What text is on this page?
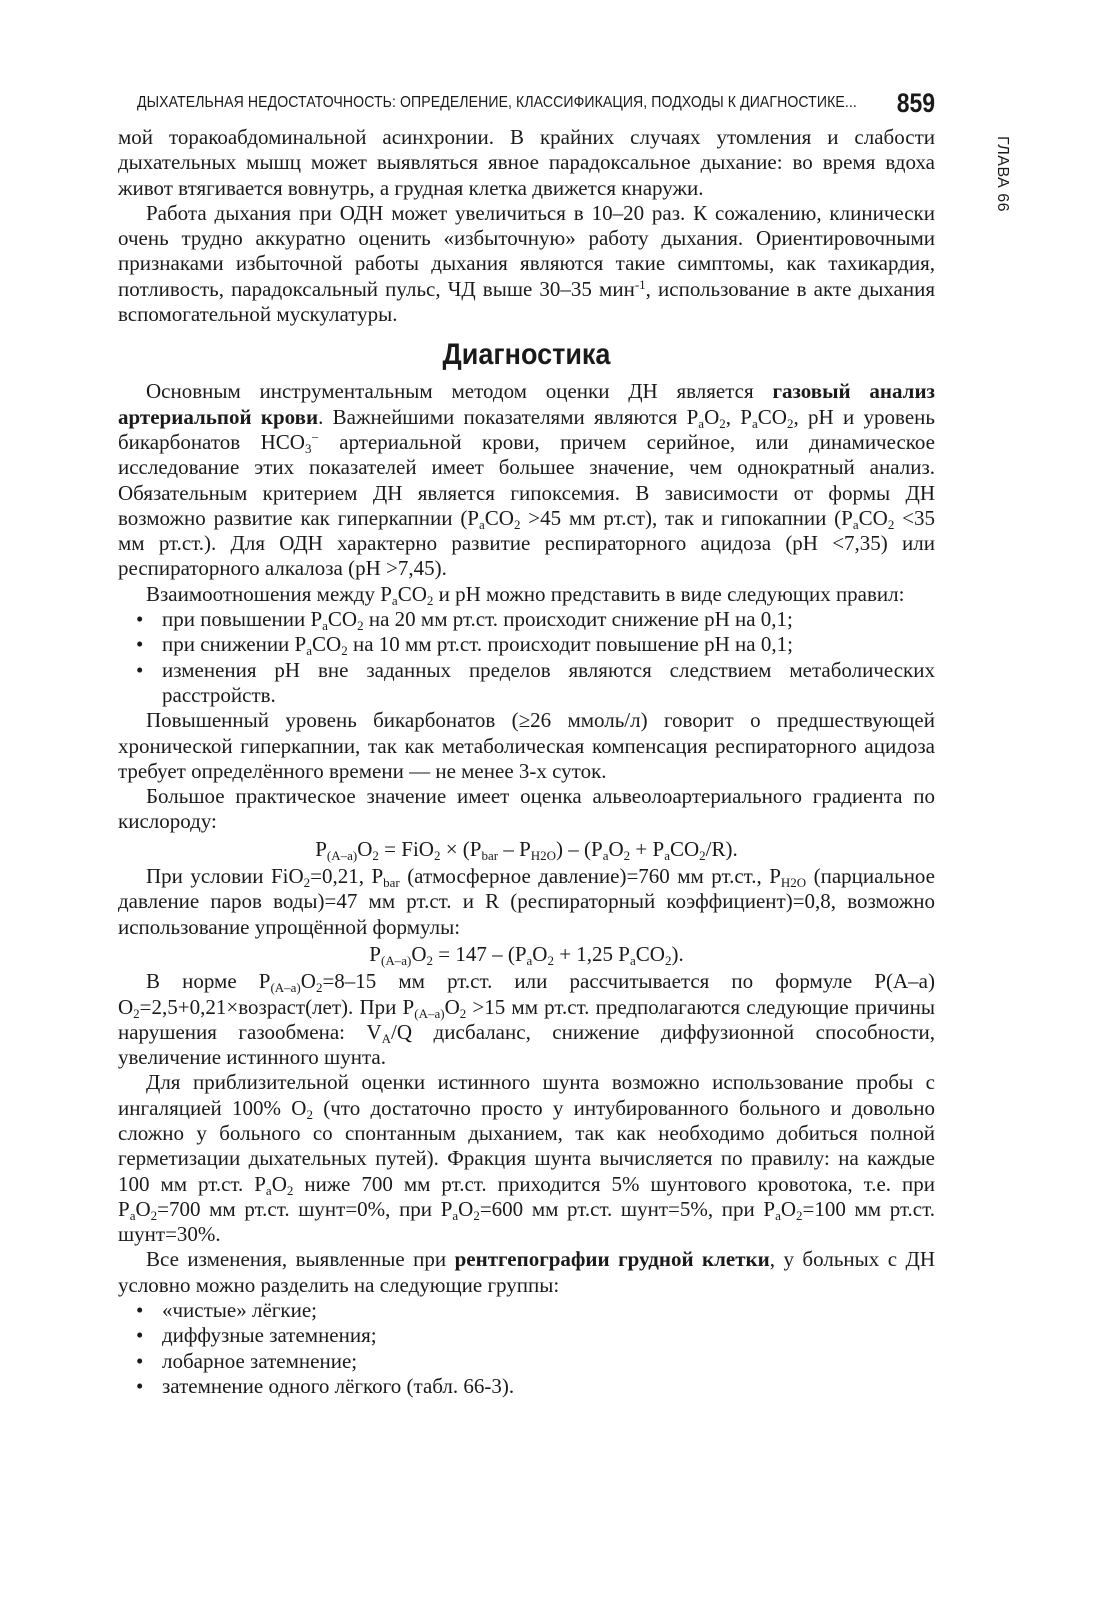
ДЫХАТЕЛЬНАЯ НЕДОСТАТОЧНОСТЬ: ОПРЕДЕЛЕНИЕ, КЛАССИФИКАЦИЯ, ПОДХОДЫ К ДИАГНОСТИКЕ... 859
ГЛАВА 66

мой торакоабдоминальной асинхронии. В крайних случаях утомления и слабости дыхательных мышц может выявляться явное парадоксальное дыхание: во время вдоха живот втягивается вовнутрь, а грудная клетка движется кнаружи.

Работа дыхания при ОДН может увеличиться в 10–20 раз. К сожалению, клинически очень трудно аккуратно оценить «избыточную» работу дыхания. Ориентировочными признаками избыточной работы дыхания являются такие симптомы, как тахикардия, потливость, парадоксальный пульс, ЧД выше 30–35 мин$^{-1}$, использование в акте дыхания вспомогательной мускулатуры.

Диагностика

Основным инструментальным методом оценки ДН является газовый анализ артериальпой крови. Важнейшими показателями являются $P_aO_2$, $P_aCO_2$, pH и уровень бикарбонатов $HCO_3^-$ артериальной крови, причем серийное, или динамическое исследование этих показателей имеет большее значение, чем однократный анализ. Обязательным критерием ДН является гипоксемия. В зависимости от формы ДН возможно развитие как гиперкапнии ($P_aCO_2 >45$ мм рт.ст), так и гипокапнии ($P_aCO_2 <35$ мм рт.ст.). Для ОДН характерно развитие респираторного ацидоза (pH <7,35) или респираторного алкалоза (pH >7,45).

Взаимоотношения между $P_aCO_2$ и pH можно представить в виде следующих правил:

• при повышении $P_aCO_2$ на 20 мм рт.ст. происходит снижение pH на 0,1;
• при снижении $P_aCO_2$ на 10 мм рт.ст. происходит повышение pH на 0,1;
• изменения pH вне заданных пределов являются следствием метаболических расстройств.

Повышенный уровень бикарбонатов (≥26 ммоль/л) говорит о предшествующей хронической гиперкапнии, так как метаболическая компенсация респираторного ацидоза требует определённого времени — не менее 3-х суток.

Большое практическое значение имеет оценка альвеолоартериального градиента по кислороду:

$P_{(A-a)}O_2 = FiO_2 \times (P_{bar} - P_{H2O}) - (P_aO_2 + P_aCO_2/R)$.

При условии FiO$_2$=0,21, $P_{bar}$ (атмосферное давление)=760 мм рт.ст., $P_{H2O}$ (парциальное давление паров воды)=47 мм рт.ст. и R (респираторный коэффициент)=0,8, возможно использование упрощённой формулы:

$P_{(A-a)}O_2 = 147 - (P_aO_2 + 1,25$ $P_aCO_2$).

В норме $P_{(A-a)}O_2=8-15$ мм рт.ст. или рассчитывается по формуле P(A–a) $O_2=2,5+0,21\times возраст(лет)$. При $P_{(A-a)}O_2 >15$ мм рт.ст. предполагаются следующие причины нарушения газообмена: $V_A/Q$ дисбаланс, снижение диффузионной способности, увеличение истинного шунта.

Для приблизительной оценки истинного шунта возможно использование пробы с ингаляцией 100% $O_2$ (что достаточно просто у интубированного больного и довольно сложно у больного со спонтанным дыханием, так как необходимо добиться полной герметизации дыхательных путей). Фракция шунта вычисляется по правилу: на каждые 100 мм рт.ст. $P_aO_2$ ниже 700 мм рт.ст. приходится 5% шунтового кровотока, т.е. при $P_aO_2=700$ мм рт.ст. шунт=0%, при $P_aO_2=600$ мм рт.ст. шунт=5%, при $P_aO_2=100$ мм рт.ст. шунт=30%.

Все изменения, выявленные при рентгепографии грудной клетки, у больных с ДН условно можно разделить на следующие группы:

• «чистые» лёгкие;
• диффузные затемнения;
• лобарное затемнение;
• затемнение одного лёгкого (табл. 66-3).
